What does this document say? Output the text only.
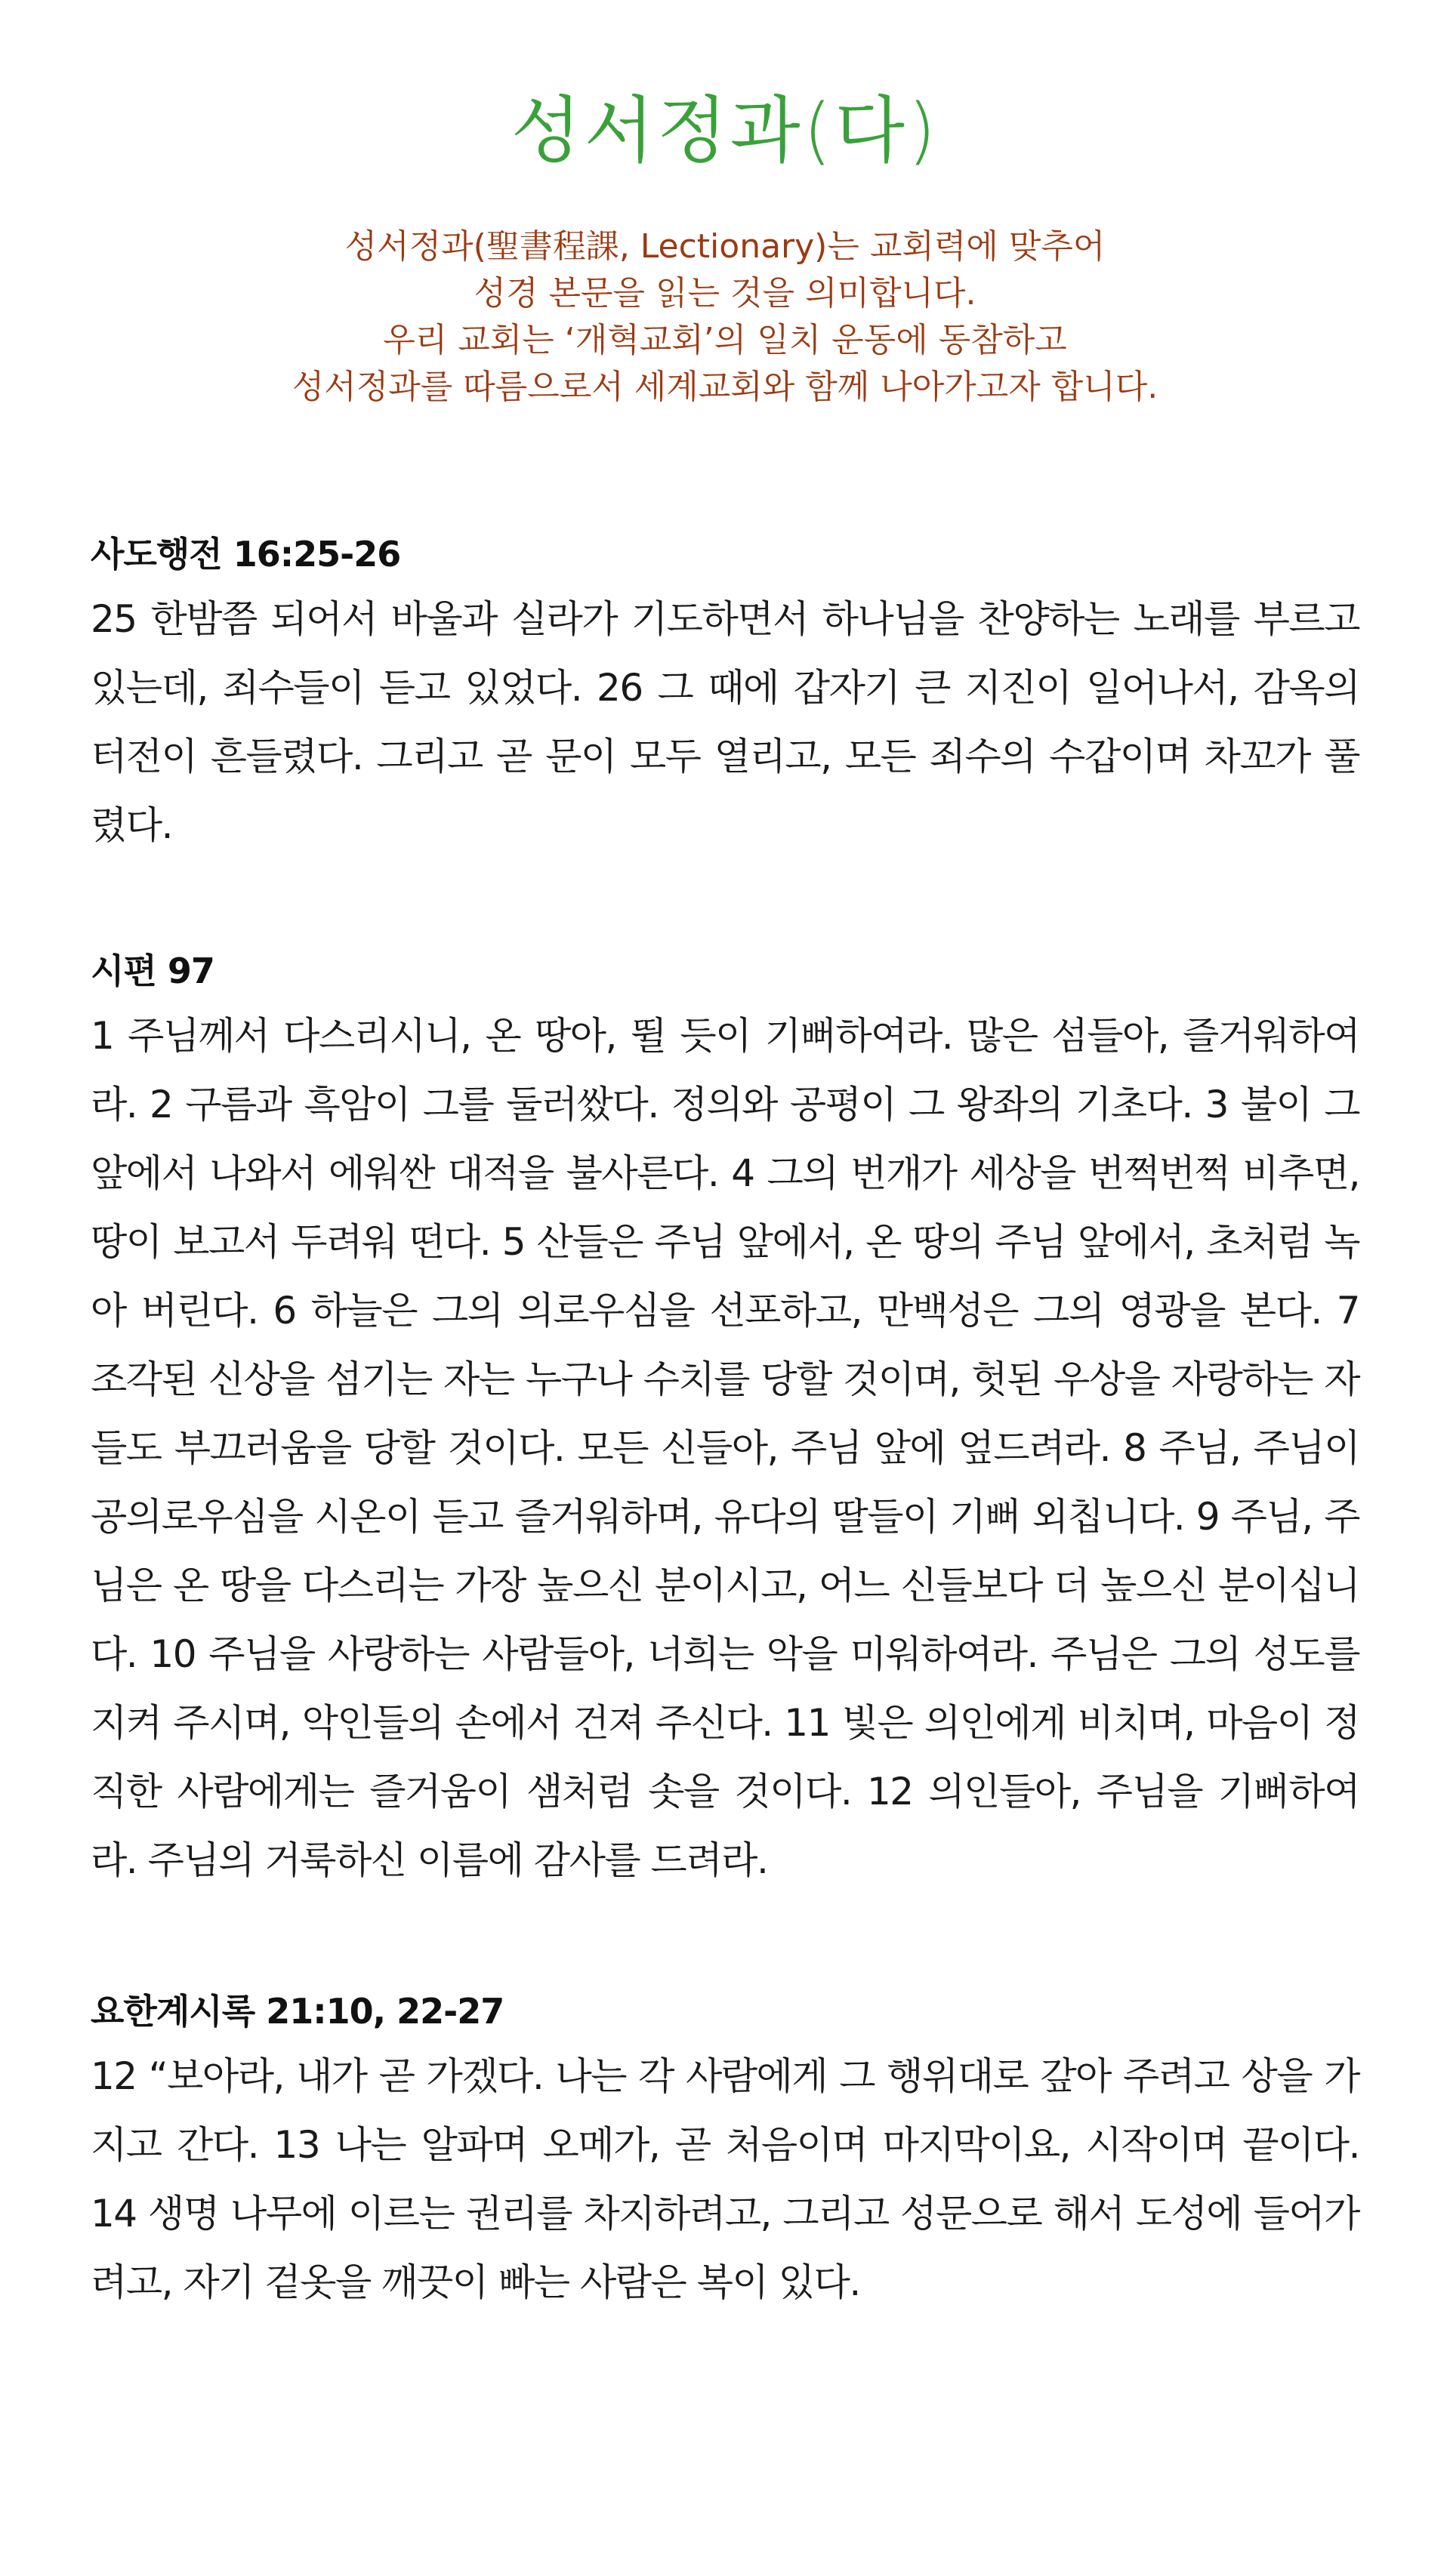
성서정과(다)
성서정과(聖書程課, Lectionary)는 교회력에 맞추어
성경 본문을 읽는 것을 의미합니다.
우리 교회는 ‘개혁교회’의 일치 운동에 동참하고
성서정과를 따름으로서 세계교회와 함께 나아가고자 합니다.
사도행전 16:25-26

25 한밤쯤 되어서 바울과 실라가 기도하면서 하나님을 찬양하는 노래를 부르고 있는데, 죄수들이 듣고 있었다. 26 그 때에 갑자기 큰 지진이 일어나서, 감옥의 터전이 흔들렸다. 그리고 곧 문이 모두 열리고, 모든 죄수의 수갑이며 차꼬가 풀렸다.

시편 97

1 주님께서 다스리시니, 온 땅아, 뛸 듯이 기뻐하여라. 많은 섬들아, 즐거워하여라. 2 구름과 흑암이 그를 둘러쌌다. 정의와 공평이 그 왕좌의 기초다. 3 불이 그 앞에서 나와서 에워싼 대적을 불사른다. 4 그의 번개가 세상을 번쩍번쩍 비추면, 땅이 보고서 두려워 떤다. 5 산들은 주님 앞에서, 온 땅의 주님 앞에서, 초처럼 녹아 버린다. 6 하늘은 그의 의로우심을 선포하고, 만백성은 그의 영광을 본다. 7 조각된 신상을 섬기는 자는 누구나 수치를 당할 것이며, 헛된 우상을 자랑하는 자들도 부끄러움을 당할 것이다. 모든 신들아, 주님 앞에 엎드려라. 8 주님, 주님이 공의로우심을 시온이 듣고 즐거워하며, 유다의 딸들이 기뻐 외칩니다. 9 주님, 주님은 온 땅을 다스리는 가장 높으신 분이시고, 어느 신들보다 더 높으신 분이십니다. 10 주님을 사랑하는 사람들아, 너희는 악을 미워하여라. 주님은 그의 성도를 지켜 주시며, 악인들의 손에서 건져 주신다. 11 빛은 의인에게 비치며, 마음이 정직한 사람에게는 즐거움이 샘처럼 솟을 것이다. 12 의인들아, 주님을 기뻐하여라. 주님의 거룩하신 이름에 감사를 드려라.

요한계시록 21:10, 22-27

12 “보아라, 내가 곧 가겠다. 나는 각 사람에게 그 행위대로 갚아 주려고 상을 가지고 간다. 13 나는 알파며 오메가, 곧 처음이며 마지막이요, 시작이며 끝이다. 14 생명 나무에 이르는 권리를 차지하려고, 그리고 성문으로 해서 도성에 들어가려고, 자기 겉옷을 깨끗이 빠는 사람은 복이 있다.
